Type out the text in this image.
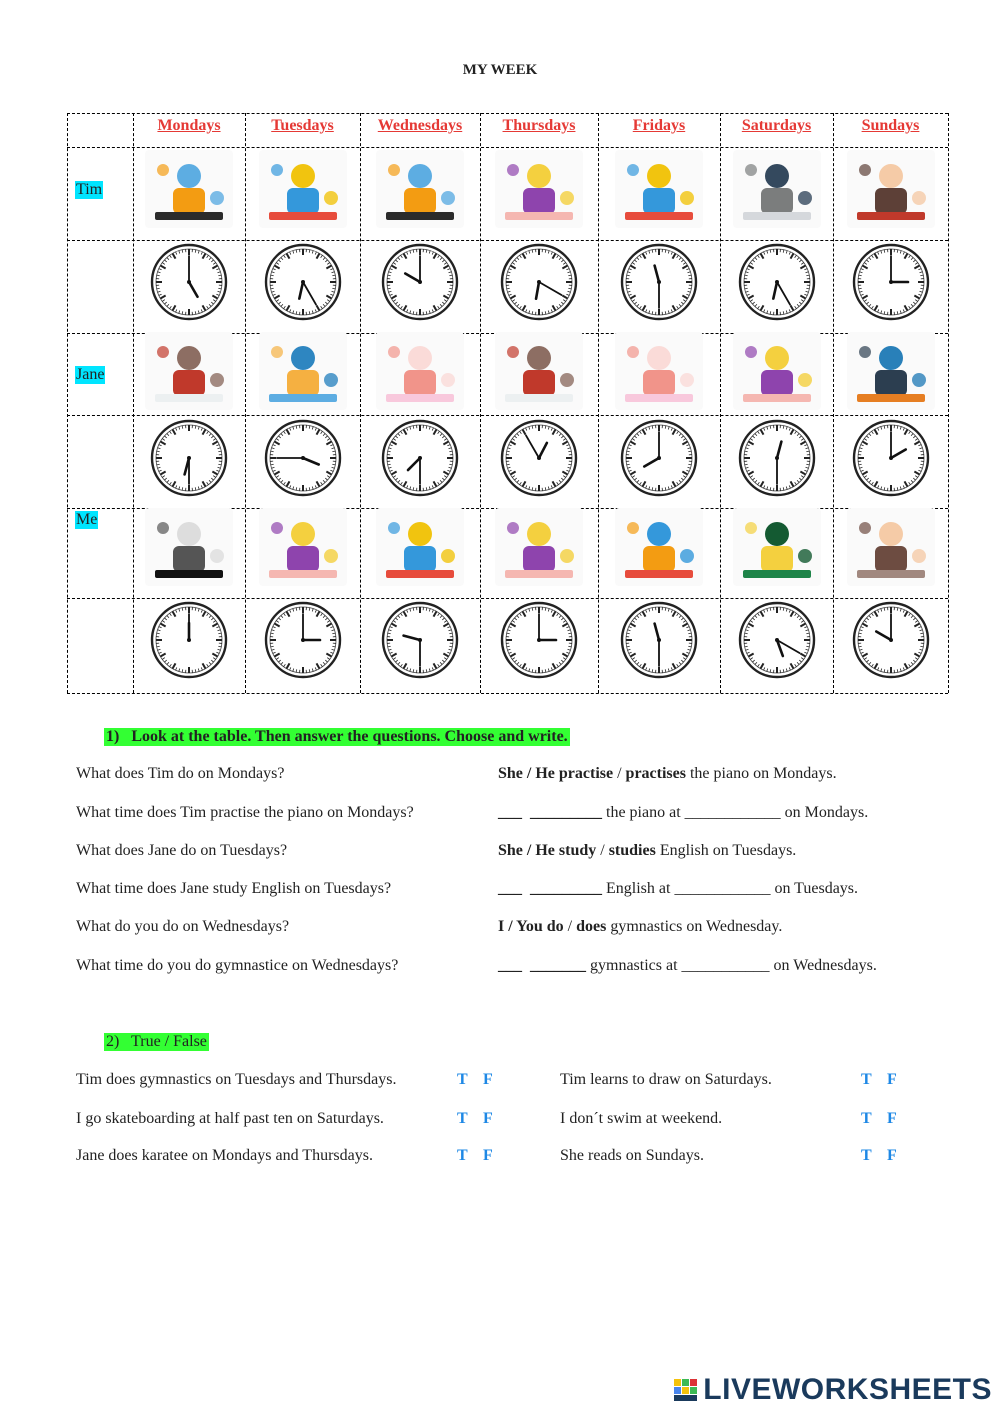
MY WEEK
Mondays	Tuesdays	Wednesdays	Thursdays	Fridays	Saturdays	Sundays
Tim
Jane
Me
1)   Look at the table. Then answer the questions. Choose and write.
What does Tim do on Mondays?	She / He practise / practises the piano on Mondays.
What time does Tim practise the piano on Mondays?	___ _________ the piano at ____________ on Mondays.
What does Jane do on Tuesdays?	She / He study / studies English on Tuesdays.
What time does Jane study English on Tuesdays?	___ _________ English at ____________ on Tuesdays.
What do you do on Wednesdays?	I / You do / does gymnastics on Wednesday.
What time do you do gymnastice on Wednesdays?	___ _______ gymnastics at ___________ on Wednesdays.
2)   True / False
Tim does gymnastics on Tuesdays and Thursdays.	T F
I go skateboarding at half past ten on Saturdays.	T F
Jane does karatee on Mondays and Thursdays.	T F
Tim learns to draw on Saturdays.	T F
I don´t swim at weekend.	T F
She reads on Sundays.	T F
LIVEWORKSHEETS
